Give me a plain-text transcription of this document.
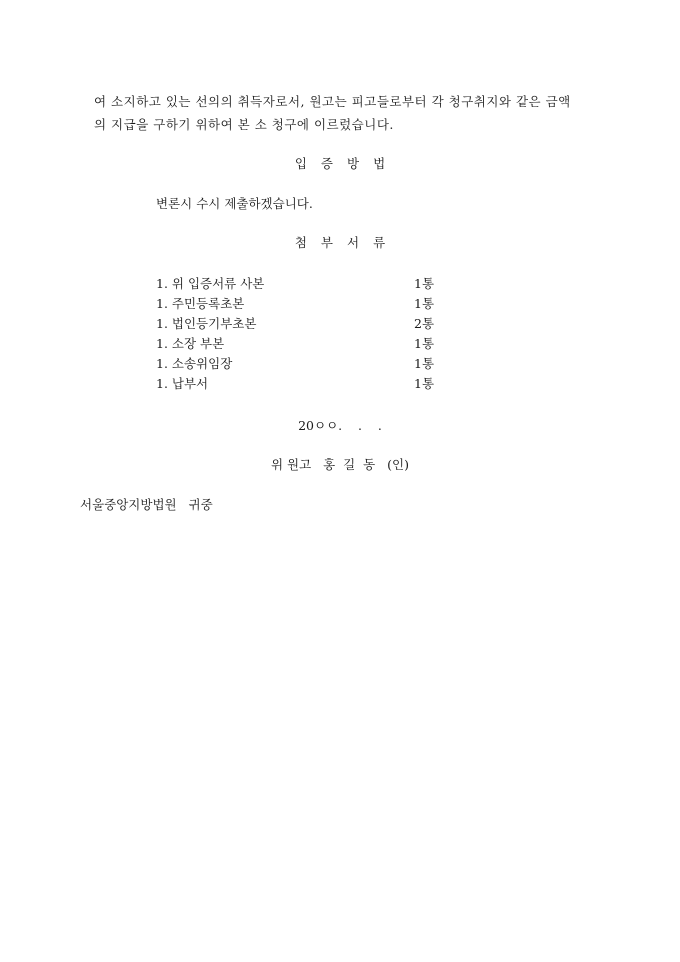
여 소지하고 있는 선의의 취득자로서, 원고는 피고들로부터 각 청구취지와 같은 금액
의 지급을 구하기 위하여 본 소 청구에 이르렀습니다.
입증방법
변론시 수시 제출하겠습니다.
첨부서류
1. 위 입증서류 사본	1통
1. 주민등록초본	1통
1. 법인등기부초본	2통
1. 소장 부본	1통
1. 소송위임장	1통
1. 납부서	1통
20ㅇㅇ.    .    .
위 원고   홍  길  동   (인)
서울중앙지방법원   귀중
